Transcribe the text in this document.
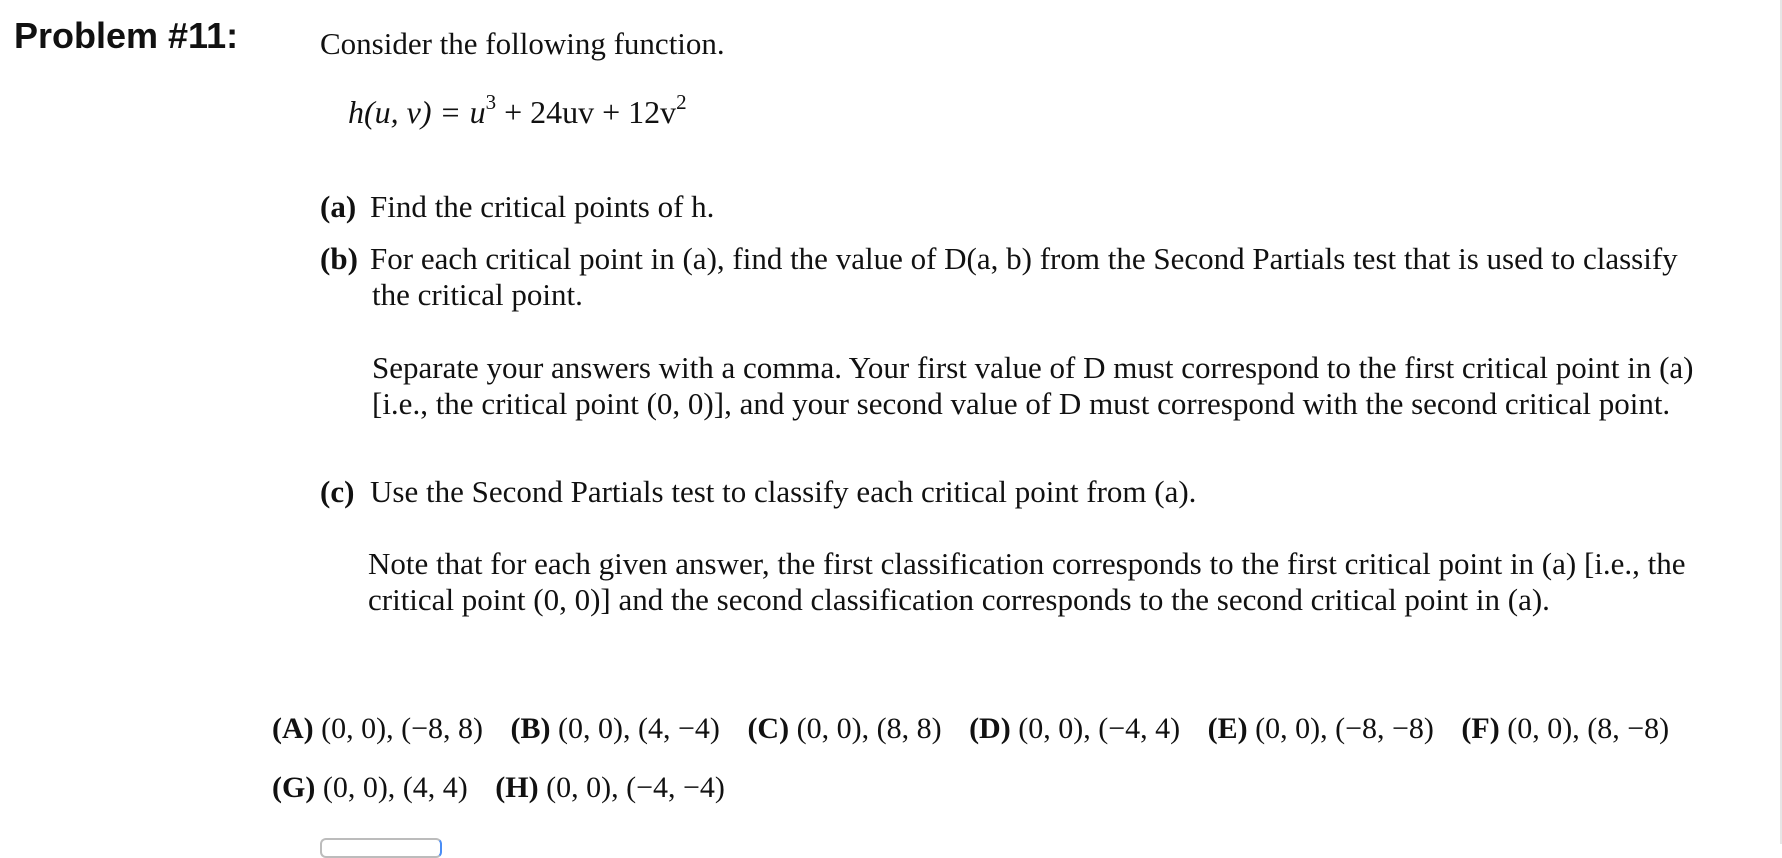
Problem #11:	Consider the following function.
h(u, $v) = u^3 + 24uv + 12v^2$
(a) Find the critical points of h.
(b) For each critical point in (a), find the value of D(a, b) from the Second Partials test that is used to classify
the critical point.
Separate your answers with a comma. Your first value of D must correspond to the first critical point in (a)
[i.e., the critical point (0, 0)], and your second value of D must correspond with the second critical point.
(c) Use the Second Partials test to classify each critical point from (a).
Note that for each given answer, the first classification corresponds to the first critical point in (a) [i.e., the
critical point (0, 0)] and the second classification corresponds to the second critical point in (a).
(A) (0, 0), (−8, 8) (B) (0, 0), (4, −4) (C) (0, 0), (8, 8) (D) (0, 0), (−4, 4) (E) (0, 0), (−8, −8) (F) (0, 0), (8, −8)
(G) (0, 0), (4, 4) (H) (0, 0), (−4, −4)
